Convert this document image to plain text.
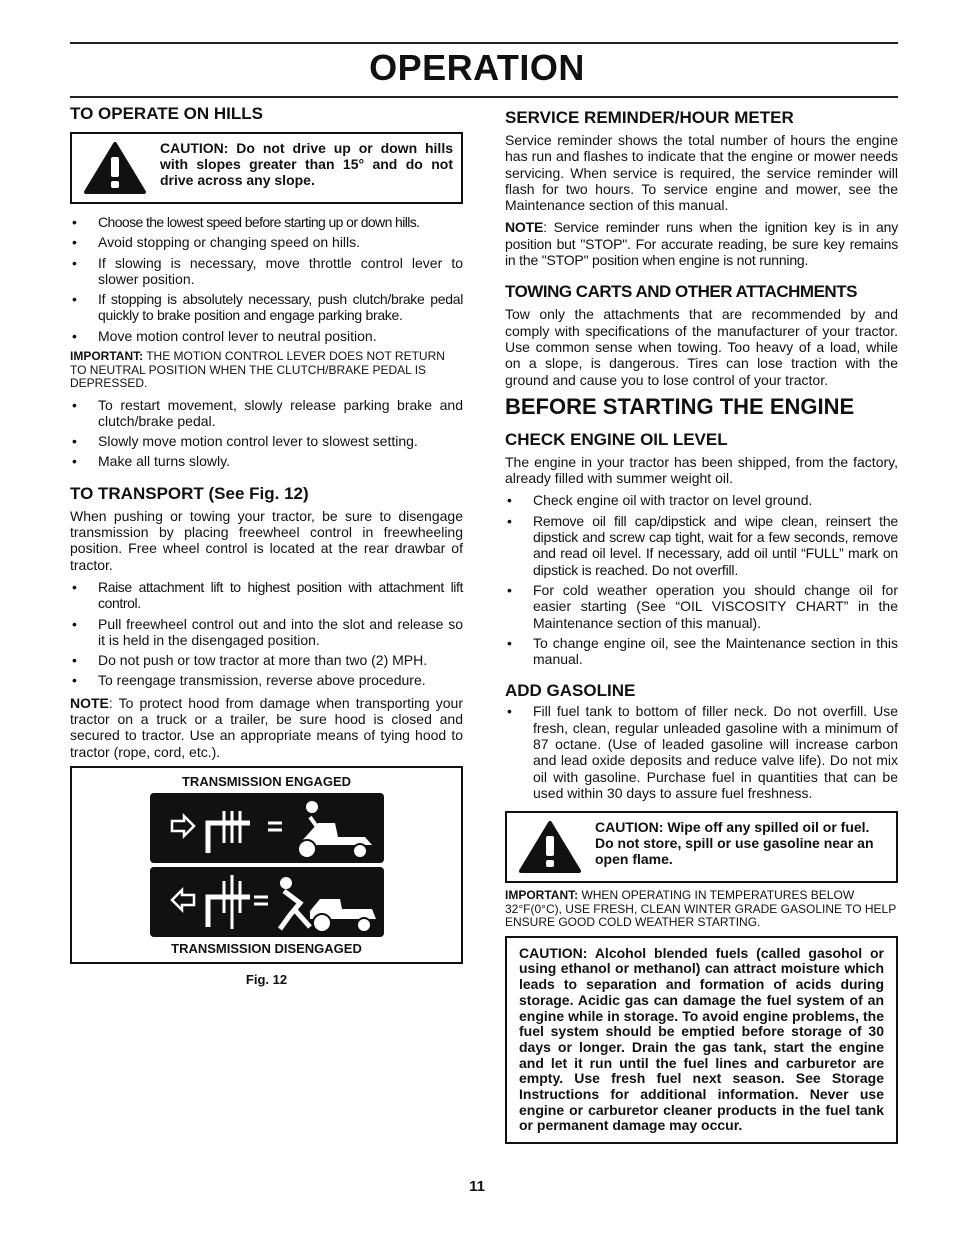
OPERATION
TO OPERATE ON HILLS
CAUTION: Do not drive up or down hills with slopes greater than 15° and do not drive across any slope.
• Choose the lowest speed before starting up or down hills.
• Avoid stopping or changing speed on hills.
• If slowing is necessary, move throttle control lever to slower position.
• If stopping is absolutely necessary, push clutch/brake pedal quickly to brake position and engage parking brake.
• Move motion control lever to neutral position.

IMPORTANT: THE MOTION CONTROL LEVER DOES NOT RETURN TO NEUTRAL POSITION WHEN THE CLUTCH/BRAKE PEDAL IS DEPRESSED.

• To restart movement, slowly release parking brake and clutch/brake pedal.
• Slowly move motion control lever to slowest setting.
• Make all turns slowly.
TO TRANSPORT (See Fig. 12)

When pushing or towing your tractor, be sure to disengage transmission by placing freewheel control in freewheeling position. Free wheel control is located at the rear drawbar of tractor.

• Raise attachment lift to highest position with attachment lift control.
• Pull freewheel control out and into the slot and release so it is held in the disengaged position.
• Do not push or tow tractor at more than two (2) MPH.
• To reengage transmission, reverse above procedure.

NOTE: To protect hood from damage when transporting your tractor on a truck or a trailer, be sure hood is closed and secured to tractor. Use an appropriate means of tying hood to tractor (rope, cord, etc.).

TRANSMISSION ENGAGED
TRANSMISSION DISENGAGED
Fig. 12
SERVICE REMINDER/HOUR METER

Service reminder shows the total number of hours the engine has run and flashes to indicate that the engine or mower needs servicing. When service is required, the service reminder will flash for two hours. To service engine and mower, see the Maintenance section of this manual.

NOTE: Service reminder runs when the ignition key is in any position but "STOP". For accurate reading, be sure key remains in the "STOP" position when engine is not running.

TOWING CARTS AND OTHER ATTACHMENTS

Tow only the attachments that are recommended by and comply with specifications of the manufacturer of your tractor. Use common sense when towing. Too heavy of a load, while on a slope, is dangerous. Tires can lose traction with the ground and cause you to lose control of your tractor.

BEFORE STARTING THE ENGINE
CHECK ENGINE OIL LEVEL

The engine in your tractor has been shipped, from the factory, already filled with summer weight oil.

• Check engine oil with tractor on level ground.
• Remove oil fill cap/dipstick and wipe clean, reinsert the dipstick and screw cap tight, wait for a few seconds, remove and read oil level. If necessary, add oil until “FULL” mark on dipstick is reached. Do not overfill.
• For cold weather operation you should change oil for easier starting (See “OIL VISCOSITY CHART” in the Maintenance section of this manual).
• To change engine oil, see the Maintenance section in this manual.
ADD GASOLINE
• Fill fuel tank to bottom of filler neck. Do not overfill. Use fresh, clean, regular unleaded gasoline with a minimum of 87 octane. (Use of leaded gasoline will increase carbon and lead oxide deposits and reduce valve life). Do not mix oil with gasoline. Purchase fuel in quantities that can be used within 30 days to assure fuel freshness.
CAUTION: Wipe off any spilled oil or fuel. Do not store, spill or use gasoline near an open flame.

IMPORTANT: WHEN OPERATING IN TEMPERATURES BELOW 32°F(0°C), USE FRESH, CLEAN WINTER GRADE GASOLINE TO HELP ENSURE GOOD COLD WEATHER STARTING.

CAUTION: Alcohol blended fuels (called gasohol or using ethanol or methanol) can attract moisture which leads to separation and formation of acids during storage. Acidic gas can damage the fuel system of an engine while in storage. To avoid engine problems, the fuel system should be emptied before storage of 30 days or longer. Drain the gas tank, start the engine and let it run until the fuel lines and carburetor are empty. Use fresh fuel next season. See Storage Instructions for additional information. Never use engine or carburetor cleaner products in the fuel tank or permanent damage may occur.
11
